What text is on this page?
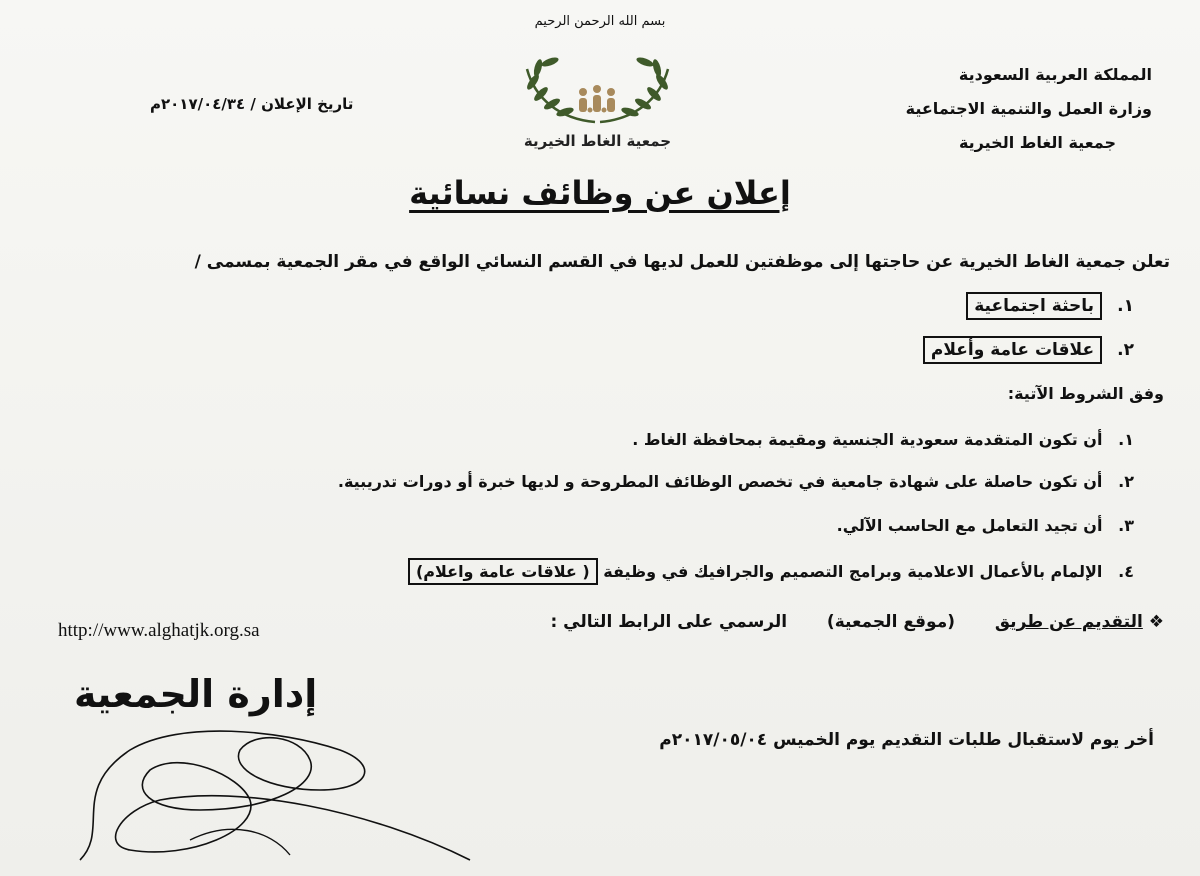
بسم الله الرحمن الرحيم
جمعية الغاط الخيرية
المملكة العربية السعودية
وزارة العمل والتنمية الاجتماعية
جمعية الغاط الخيرية
تاريخ الإعلان / ٢٠١٧/٠٤/٣٤م
إعلان عن وظائف نسائية
تعلن جمعية الغاط الخيرية عن حاجتها إلى موظفتين للعمل لديها في القسم النسائي الواقع في مقر الجمعية بمسمى /
١. باحثة اجتماعية
٢. علاقات عامة وأعلام
وفق الشروط الآتية:
١. أن تكون المتقدمة سعودية الجنسية ومقيمة بمحافظة الغاط .
٢. أن تكون حاصلة على شهادة جامعية في تخصص الوظائف المطروحة و لديها خبرة أو دورات تدريبية.
٣. أن تجيد التعامل مع الحاسب الآلي.
٤. الإلمام بالأعمال الاعلامية وبرامج التصميم والجرافيك في وظيفة ( علاقات عامة واعلام)
❖ التقديم عن طريق  (موقع الجمعية)  الرسمي على الرابط التالي :
http://www.alghatjk.org.sa
إدارة الجمعية
أخر يوم لاستقبال طلبات التقديم يوم الخميس ٢٠١٧/٠٥/٠٤م
